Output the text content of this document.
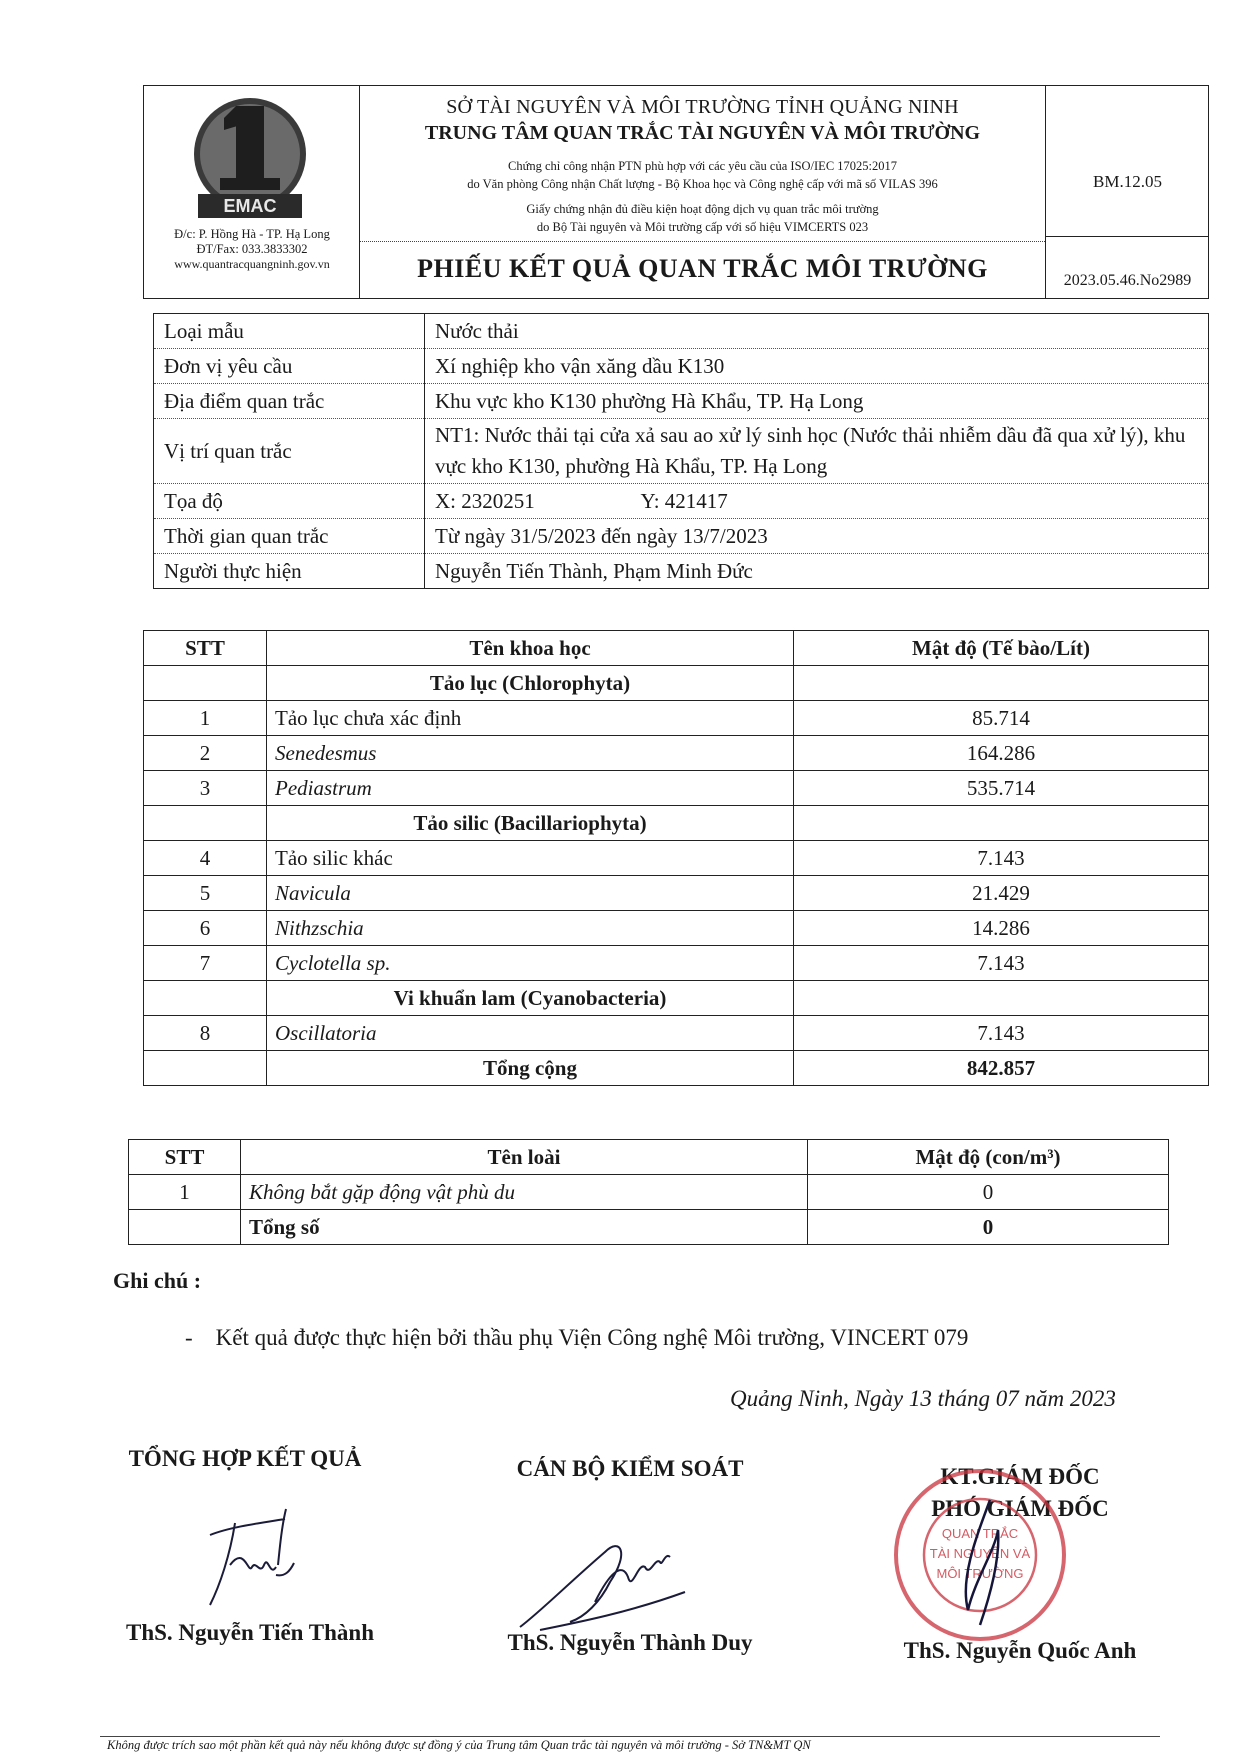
EMAC
Đ/c: P. Hồng Hà - TP. Hạ Long
ĐT/Fax: 033.3833302
www.quantracquangninh.gov.vn
SỞ TÀI NGUYÊN VÀ MÔI TRƯỜNG TỈNH QUẢNG NINH
TRUNG TÂM QUAN TRẮC TÀI NGUYÊN VÀ MÔI TRƯỜNG
Chứng chỉ công nhận PTN phù hợp với các yêu cầu của ISO/IEC 17025:2017
do Văn phòng Công nhận Chất lượng - Bộ Khoa học và Công nghệ cấp với mã số VILAS 396
Giấy chứng nhận đủ điều kiện hoạt động dịch vụ quan trắc môi trường
do Bộ Tài nguyên và Môi trường cấp với số hiệu VIMCERTS 023
PHIẾU KẾT QUẢ QUAN TRẮC MÔI TRƯỜNG
BM.12.05
2023.05.46.No2989
Loại mẫu	Nước thải
Đơn vị yêu cầu	Xí nghiệp kho vận xăng dầu K130
Địa điểm quan trắc	Khu vực kho K130 phường Hà Khẩu, TP. Hạ Long
Vị trí quan trắc	NT1: Nước thải tại cửa xả sau ao xử lý sinh học (Nước thải nhiễm dầu đã qua xử lý), khu vực kho K130, phường Hà Khẩu, TP. Hạ Long
Tọa độ	X: 2320251 Y: 421417
Thời gian quan trắc	Từ ngày 31/5/2023 đến ngày 13/7/2023
Người thực hiện	Nguyễn Tiến Thành, Phạm Minh Đức
STT	Tên khoa học	Mật độ (Tế bào/Lít)
	Tảo lục (Chlorophyta)	
1	Tảo lục chưa xác định	85.714
2	Senedesmus	164.286
3	Pediastrum	535.714
	Tảo silic (Bacillariophyta)	
4	Tảo silic khác	7.143
5	Navicula	21.429
6	Nithzschia	14.286
7	Cyclotella sp.	7.143
	Vi khuẩn lam (Cyanobacteria)	
8	Oscillatoria	7.143
	Tổng cộng	842.857
STT	Tên loài	Mật độ (con/m³)
1	Không bắt gặp động vật phù du	0
	Tổng số	0
Ghi chú :
-    Kết quả được thực hiện bởi thầu phụ Viện Công nghệ Môi trường, VINCERT 079
Quảng Ninh, Ngày 13 tháng 07 năm 2023
TỔNG HỢP KẾT QUẢ	CÁN BỘ KIỂM SOÁT	KT.GIÁM ĐỐC
PHÓ GIÁM ĐỐC
QUAN TRẮC
TÀI NGUYÊN VÀ
MÔI TRƯỜNG
ThS. Nguyễn Tiến Thành	ThS. Nguyễn Thành Duy	ThS. Nguyễn Quốc Anh
Không được trích sao một phần kết quả này nếu không được sự đồng ý của Trung tâm Quan trắc tài nguyên và môi trường - Sở TN&MT QN
